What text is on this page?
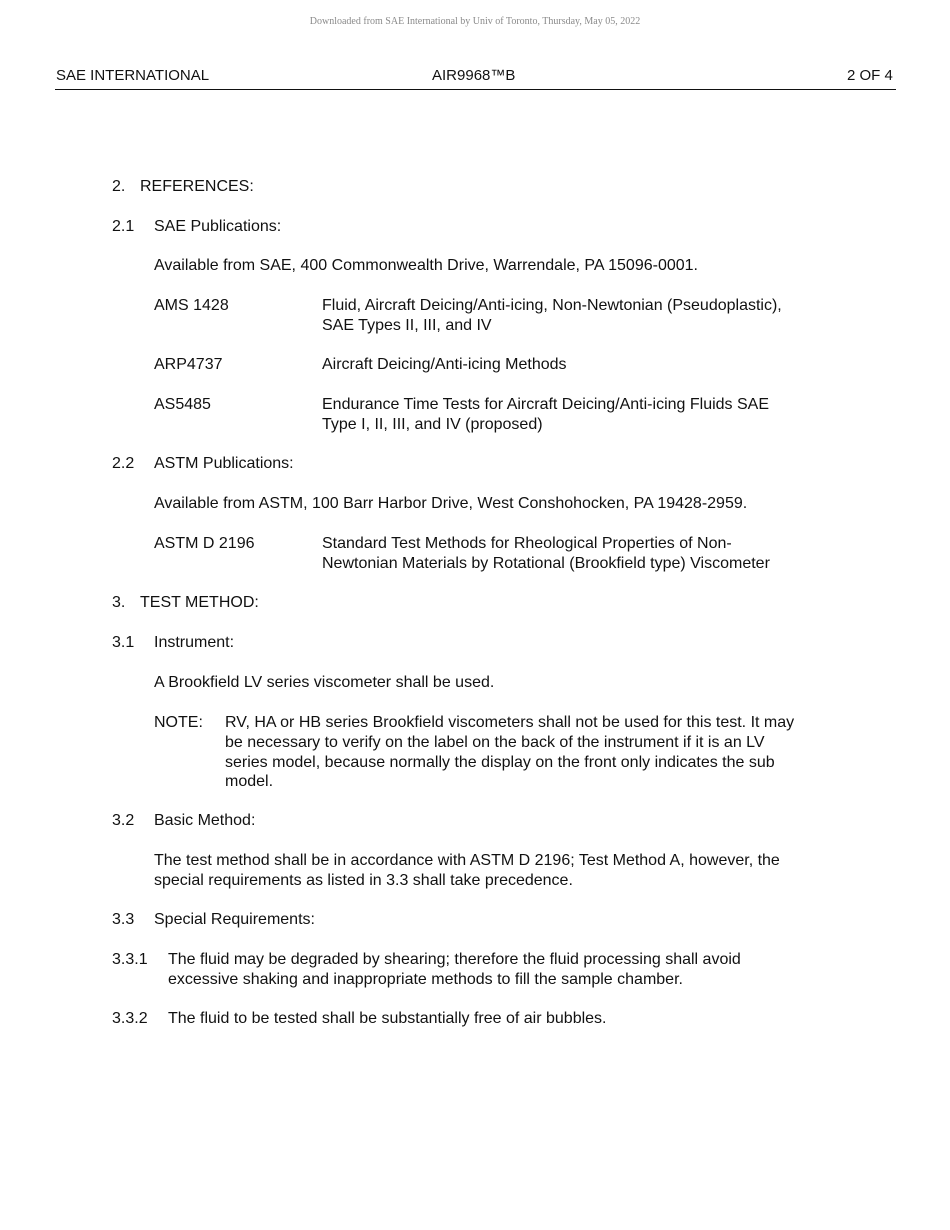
Downloaded from SAE International by Univ of Toronto, Thursday, May 05, 2022
SAE INTERNATIONAL	AIR9968™B	2 OF 4
2. REFERENCES:
2.1 SAE Publications:
Available from SAE, 400 Commonwealth Drive, Warrendale, PA 15096-0001.
AMS 1428	Fluid, Aircraft Deicing/Anti-icing, Non-Newtonian (Pseudoplastic),
SAE Types II, III, and IV
ARP4737	Aircraft Deicing/Anti-icing Methods
AS5485	Endurance Time Tests for Aircraft Deicing/Anti-icing Fluids SAE
Type I, II, III, and IV (proposed)
2.2 ASTM Publications:
Available from ASTM, 100 Barr Harbor Drive, West Conshohocken, PA 19428-2959.
ASTM D 2196	Standard Test Methods for Rheological Properties of Non-
Newtonian Materials by Rotational (Brookfield type) Viscometer
3. TEST METHOD:
3.1 Instrument:
A Brookfield LV series viscometer shall be used.
NOTE: RV, HA or HB series Brookfield viscometers shall not be used for this test. It may
be necessary to verify on the label on the back of the instrument if it is an LV
series model, because normally the display on the front only indicates the sub
model.
3.2 Basic Method:
The test method shall be in accordance with ASTM D 2196; Test Method A, however, the
special requirements as listed in 3.3 shall take precedence.
3.3 Special Requirements:
3.3.1 The fluid may be degraded by shearing; therefore the fluid processing shall avoid
excessive shaking and inappropriate methods to fill the sample chamber.
3.3.2 The fluid to be tested shall be substantially free of air bubbles.
